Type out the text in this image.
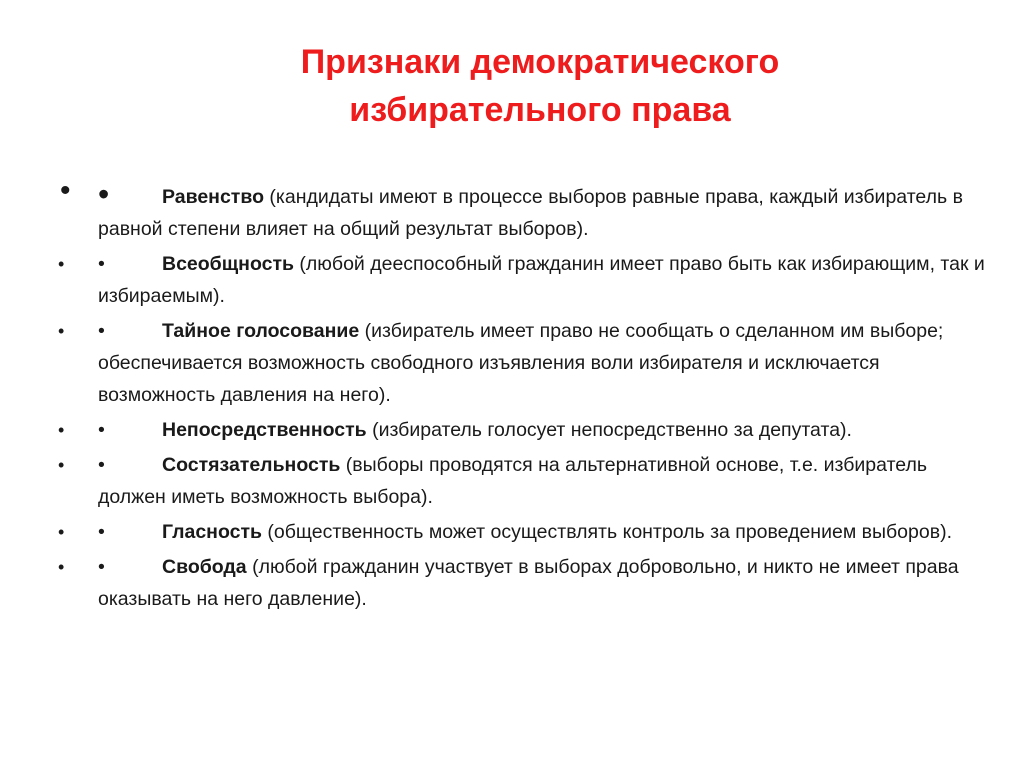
Признаки демократического
избирательного права
• •	Равенство (кандидаты имеют в процессе выборов равные права, каждый избиратель в равной степени влияет на общий результат выборов).
• •	Всеобщность (любой дееспособный гражданин имеет право быть как избирающим, так и избираемым).
• •	Тайное голосование (избиратель имеет право не сообщать о сделанном им выборе; обеспечивается возможность свободного изъявления воли избирателя и исключается возможность давления на него).
• •	Непосредственность (избиратель голосует непосредственно за депутата).
• •	Состязательность (выборы проводятся на альтернативной основе, т.е. избиратель должен иметь возможность выбора).
• •	Гласность (общественность может осуществлять контроль за проведением выборов).
• •	Свобода (любой гражданин участвует в выборах добровольно, и никто не имеет права оказывать на него давление).
